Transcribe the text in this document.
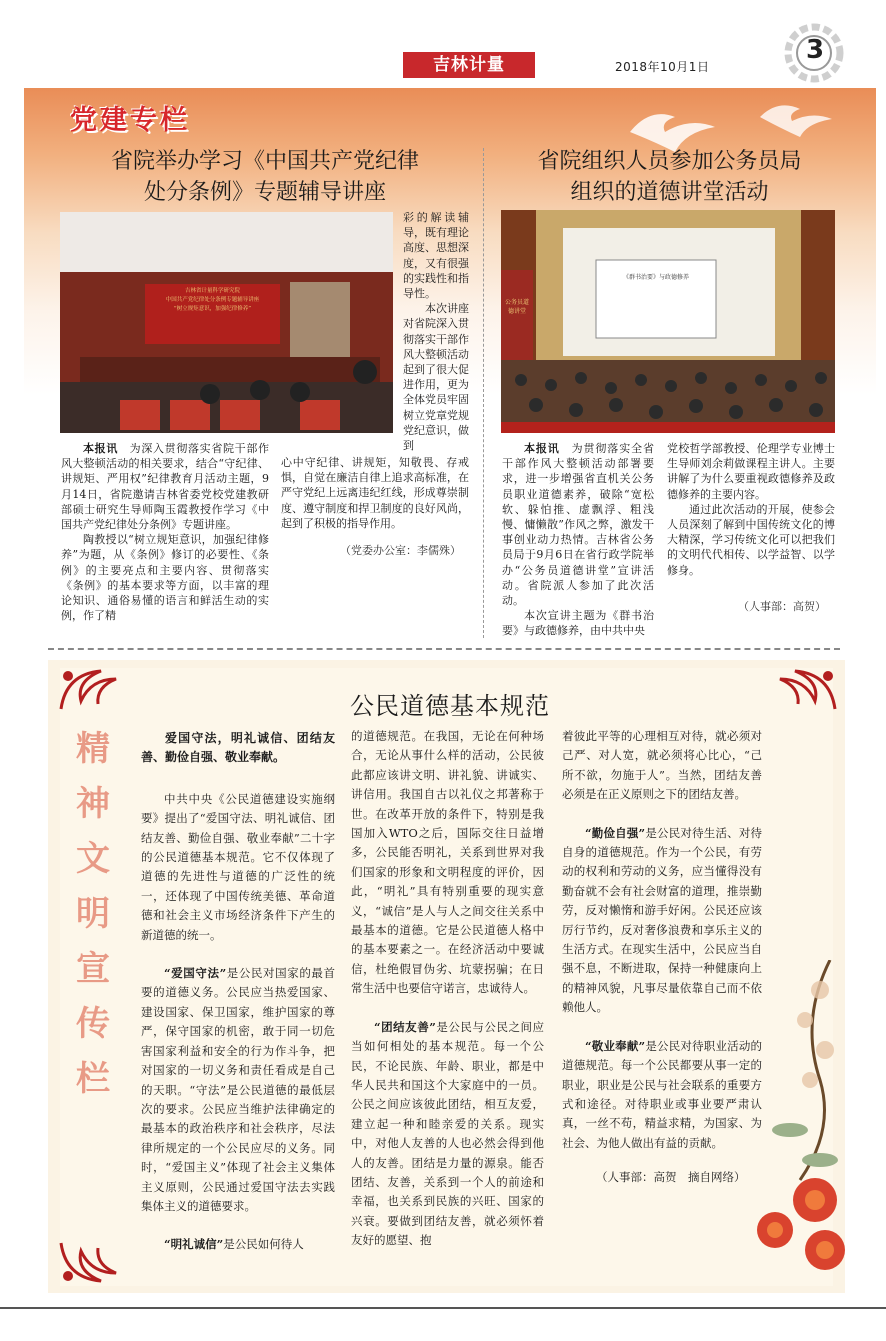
吉林计量	2018年10月1日
3
党建专栏
省院举办学习《中国共产党纪律
处分条例》专题辅导讲座
吉林省计量科学研究院
中国共产党纪律处分条例专题辅导讲座
“树立规矩意识，加强纪律修养”

彩的解读辅导，既有理论高度、思想深度，又有很强的实践性和指导性。

本次讲座对省院深入贯彻落实干部作风大整顿活动起到了很大促进作用，更为全体党员牢固树立党章党规党纪意识，做到

本报讯　 为深入贯彻落实省院干部作风大整顿活动的相关要求，结合“守纪律、讲规矩、严用权”纪律教育月活动主题，9月14日，省院邀请吉林省委党校党建教研部硕士研究生导师陶玉霞教授作学习《中国共产党纪律处分条例》专题讲座。

陶教授以“树立规矩意识，加强纪律修养”为题，从《条例》修订的必要性、《条例》的主要亮点和主要内容、贯彻落实《条例》的基本要求等方面，以丰富的理论知识、通俗易懂的语言和鲜活生动的实例，作了精

心中守纪律、讲规矩，知敬畏、存戒惧，自觉在廉洁自律上追求高标准，在严守党纪上远离违纪红线，形成尊崇制度、遵守制度和捍卫制度的良好风尚，起到了积极的指导作用。

（党委办公室：李儒殊）
省院组织人员参加公务员局
组织的道德讲堂活动
《群书治要》与政德修养
公务员道德讲堂

本报讯　 为贯彻落实全省干部作风大整顿活动部署要求，进一步增强省直机关公务员职业道德素养，破除“宽松软、躲怕推、虚飘浮、粗浅慢、慵懒散”作风之弊，激发干事创业动力热情。吉林省公务员局于9月6日在省行政学院举办“公务员道德讲堂”宣讲活动。省院派人参加了此次活动。

本次宣讲主题为《群书治要》与政德修养，由中共中央

党校哲学部教授、伦理学专业博士生导师刘余莉做课程主讲人。主要讲解了为什么要重视政德修养及政德修养的主要内容。

通过此次活动的开展，使参会人员深刻了解到中国传统文化的博大精深，学习传统文化可以把我们的文明代代相传、以学益智、以学修身。

（人事部：高贺）
公民道德基本规范
精
神
文
明
宣
传
栏

爱国守法，明礼诚信、团结友善、勤俭自强、敬业奉献。

中共中央《公民道德建设实施纲要》提出了“爱国守法、明礼诚信、团结友善、勤俭自强、敬业奉献”二十字的公民道德基本规范。它不仅体现了道德的先进性与道德的广泛性的统一，还体现了中国传统美德、革命道德和社会主义市场经济条件下产生的新道德的统一。

“爱国守法”是公民对国家的最首要的道德义务。公民应当热爱国家、建设国家、保卫国家，维护国家的尊严，保守国家的机密，敢于同一切危害国家利益和安全的行为作斗争，把对国家的一切义务和责任看成是自己的天职。“守法”是公民道德的最低层次的要求。公民应当维护法律确定的最基本的政治秩序和社会秩序，尽法律所规定的一个公民应尽的义务。同时，“爱国主义”体现了社会主义集体主义原则，公民通过爱国守法去实践集体主义的道德要求。

“明礼诚信”是公民如何待人

的道德规范。在我国，无论在何种场合，无论从事什么样的活动，公民彼此都应该讲文明、讲礼貌、讲诚实、讲信用。我国自古以礼仪之邦著称于世。在改革开放的条件下，特别是我国加入WTO之后，国际交往日益增多，公民能否明礼，关系到世界对我们国家的形象和文明程度的评价，因此，“明礼”具有特别重要的现实意义，“诚信”是人与人之间交往关系中最基本的道德。它是公民道德人格中的基本要素之一。在经济活动中要诚信，杜绝假冒伪劣、坑蒙拐骗；在日常生活中也要信守诺言，忠诚待人。

“团结友善”是公民与公民之间应当如何相处的基本规范。每一个公民，不论民族、年龄、职业，都是中华人民共和国这个大家庭中的一员。公民之间应该彼此团结，相互友爱，建立起一种和睦亲爱的关系。现实中，对他人友善的人也必然会得到他人的友善。团结是力量的源泉。能否团结、友善，关系到一个人的前途和幸福，也关系到民族的兴旺、国家的兴衰。要做到团结友善，就必须怀着友好的愿望、抱

着彼此平等的心理相互对待，就必须对己严、对人宽，就必须将心比心，“己所不欲，勿施于人”。当然，团结友善必须是在正义原则之下的团结友善。

“勤俭自强”是公民对待生活、对待自身的道德规范。作为一个公民，有劳动的权利和劳动的义务，应当懂得没有勤奋就不会有社会财富的道理，推崇勤劳，反对懒惰和游手好闲。公民还应该厉行节约，反对奢侈浪费和享乐主义的生活方式。在现实生活中，公民应当自强不息，不断进取，保持一种健康向上的精神风貌，凡事尽量依靠自己而不依赖他人。

“敬业奉献”是公民对待职业活动的道德规范。每一个公民都要从事一定的职业，职业是公民与社会联系的重要方式和途径。对待职业或事业要严肃认真，一丝不苟，精益求精，为国家、为社会、为他人做出有益的贡献。

（人事部：高贺　摘自网络）
